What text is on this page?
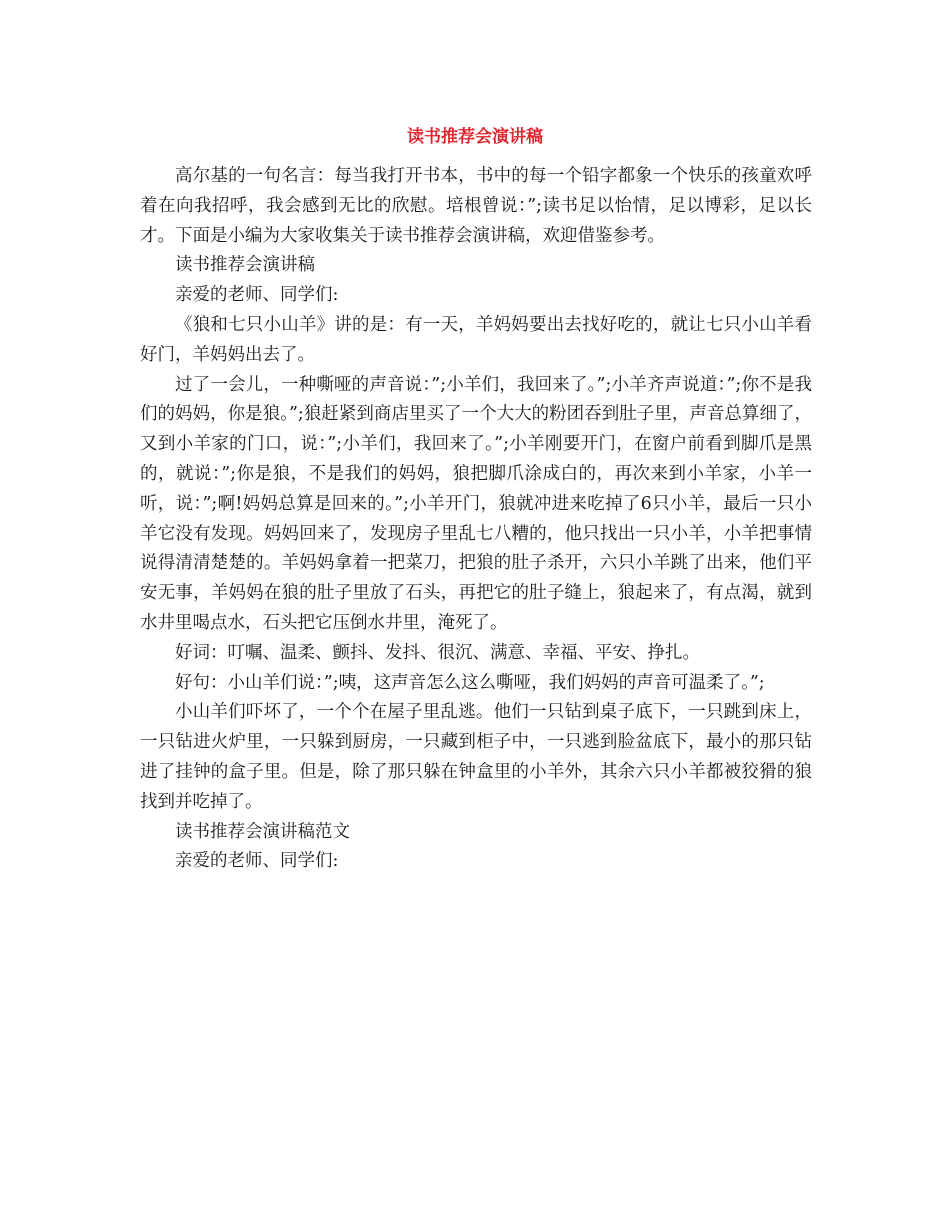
读书推荐会演讲稿

高尔基的一句名言：每当我打开书本，书中的每一个铅字都象一个快乐的孩童欢呼着在向我招呼，我会感到无比的欣慰。培根曾说：”;读书足以怡情，足以博彩，足以长才。下面是小编为大家收集关于读书推荐会演讲稿，欢迎借鉴参考。

读书推荐会演讲稿

亲爱的老师、同学们:

《狼和七只小山羊》讲的是：有一天，羊妈妈要出去找好吃的，就让七只小山羊看好门，羊妈妈出去了。

过了一会儿，一种嘶哑的声音说：”;小羊们，我回来了。”;小羊齐声说道：”;你不是我们的妈妈，你是狼。”;狼赶紧到商店里买了一个大大的粉团吞到肚子里，声音总算细了，又到小羊家的门口，说：”;小羊们，我回来了。”;小羊刚要开门，在窗户前看到脚爪是黑的，就说：”;你是狼，不是我们的妈妈，狼把脚爪涂成白的，再次来到小羊家，小羊一听，说：”;啊!妈妈总算是回来的。”;小羊开门，狼就冲进来吃掉了6只小羊，最后一只小羊它没有发现。妈妈回来了，发现房子里乱七八糟的，他只找出一只小羊，小羊把事情说得清清楚楚的。羊妈妈拿着一把菜刀，把狼的肚子杀开，六只小羊跳了出来，他们平安无事，羊妈妈在狼的肚子里放了石头，再把它的肚子缝上，狼起来了，有点渴，就到水井里喝点水，石头把它压倒水井里，淹死了。

好词：叮嘱、温柔、颤抖、发抖、很沉、满意、幸福、平安、挣扎。

好句：小山羊们说：”;咦，这声音怎么这么嘶哑，我们妈妈的声音可温柔了。”;

小山羊们吓坏了，一个个在屋子里乱逃。他们一只钻到桌子底下，一只跳到床上，一只钻进火炉里，一只躲到厨房，一只藏到柜子中，一只逃到脸盆底下，最小的那只钻进了挂钟的盒子里。但是，除了那只躲在钟盒里的小羊外，其余六只小羊都被狡猾的狼找到并吃掉了。

读书推荐会演讲稿范文

亲爱的老师、同学们:
